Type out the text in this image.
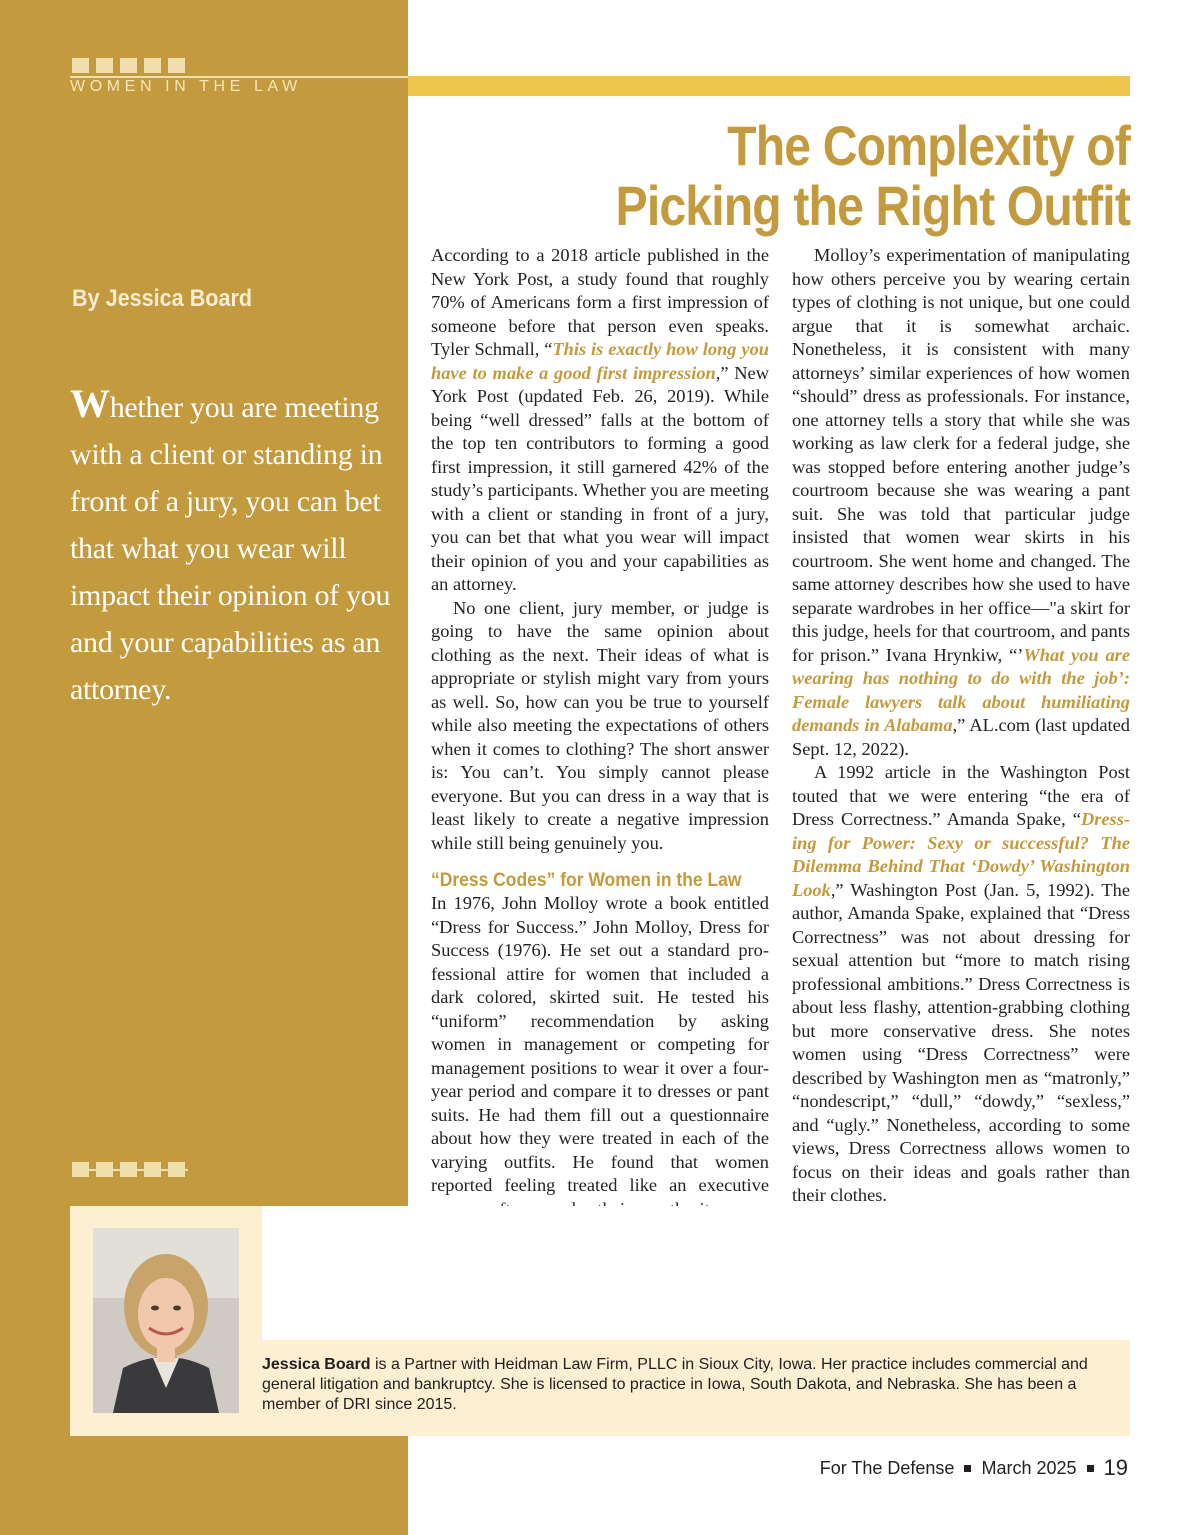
WOMEN IN THE LAW
The Complexity of
Picking the Right Outfit
By Jessica Board
Whether you are meeting with a client or standing in front of a jury, you can bet that what you wear will impact their opinion of you and your capabilities as an attorney.

According to a 2018 article published in the New York Post, a study found that roughly 70% of Americans form a first impression of someone before that person even speaks. Tyler Schmall, “This is exactly how long you have to make a good first impression,” New York Post (updated Feb. 26, 2019). While being “well dressed” falls at the bottom of the top ten contributors to forming a good first impression, it still garnered 42% of the study’s participants. Whether you are meeting with a client or standing in front of a jury, you can bet that what you wear will impact their opinion of you and your capabilities as an attorney.

No one client, jury member, or judge is going to have the same opinion about clothing as the next. Their ideas of what is appropriate or stylish might vary from yours as well. So, how can you be true to yourself while also meeting the expectations of others when it comes to clothing? The short answer is: You can’t. You simply cannot please everyone. But you can dress in a way that is least likely to create a negative impression while still being genuinely you.

“Dress Codes” for Women in the Law

In 1976, John Molloy wrote a book entitled “Dress for Success.” John Molloy, Dress for Success (1976). He set out a standard professional attire for women that included a dark colored, skirted suit. He tested his “uniform” recommendation by asking women in management or competing for management positions to wear it over a four-year period and compare it to dresses or pant suits. He had them fill out a questionnaire about how they were treated in each of the varying outfits. He found that women reported feeling treated like an executive

Molloy’s experimentation of manipulating how others perceive you by wearing certain types of clothing is not unique, but one could argue that it is somewhat archaic. Nonetheless, it is consistent with many attorneys’ similar experiences of how women “should” dress as professionals. For instance, one attorney tells a story that while she was working as law clerk for a federal judge, she was stopped before entering another judge’s courtroom because she was wearing a pant suit. She was told that particular judge insisted that women wear skirts in his courtroom. She went home and changed. The same attorney describes how she used to have separate wardrobes in her office—"a skirt for this judge, heels for that courtroom, and pants for prison.” Ivana Hrynkiw, “’What you are wearing has nothing to do with the job’: Female lawyers talk about humiliating demands in Alabama,” AL.com (last updated Sept. 12, 2022).

A 1992 article in the Washington Post touted that we were entering “the era of Dress Correctness.” Amanda Spake, “Dressing for Power: Sexy or successful? The Dilemma Behind That ‘Dowdy’ Washington Look,” Washington Post (Jan. 5, 1992). The author, Amanda Spake, explained that “Dress Correctness” was not about dressing for sexual attention but “more to match rising professional ambitions.” Dress Correctness is about less flashy, attention-grabbing clothing but more conservative dress. She notes women using “Dress Correctness” were described by Washington men as “matronly,” “nondescript,” “dull,” “dowdy,” “sexless,” and “ugly.” Nonetheless, according to some views, Dress Correctness allows women to focus on their ideas and goals rather than their clothes.

Jessica Board is a Partner with Heidman Law Firm, PLLC in Sioux City, Iowa. Her practice includes commercial and general litigation and bankruptcy. She is licensed to practice in Iowa, South Dakota, and Nebraska. She has been a member of DRI since 2015.
For The Defense March 2025 19
